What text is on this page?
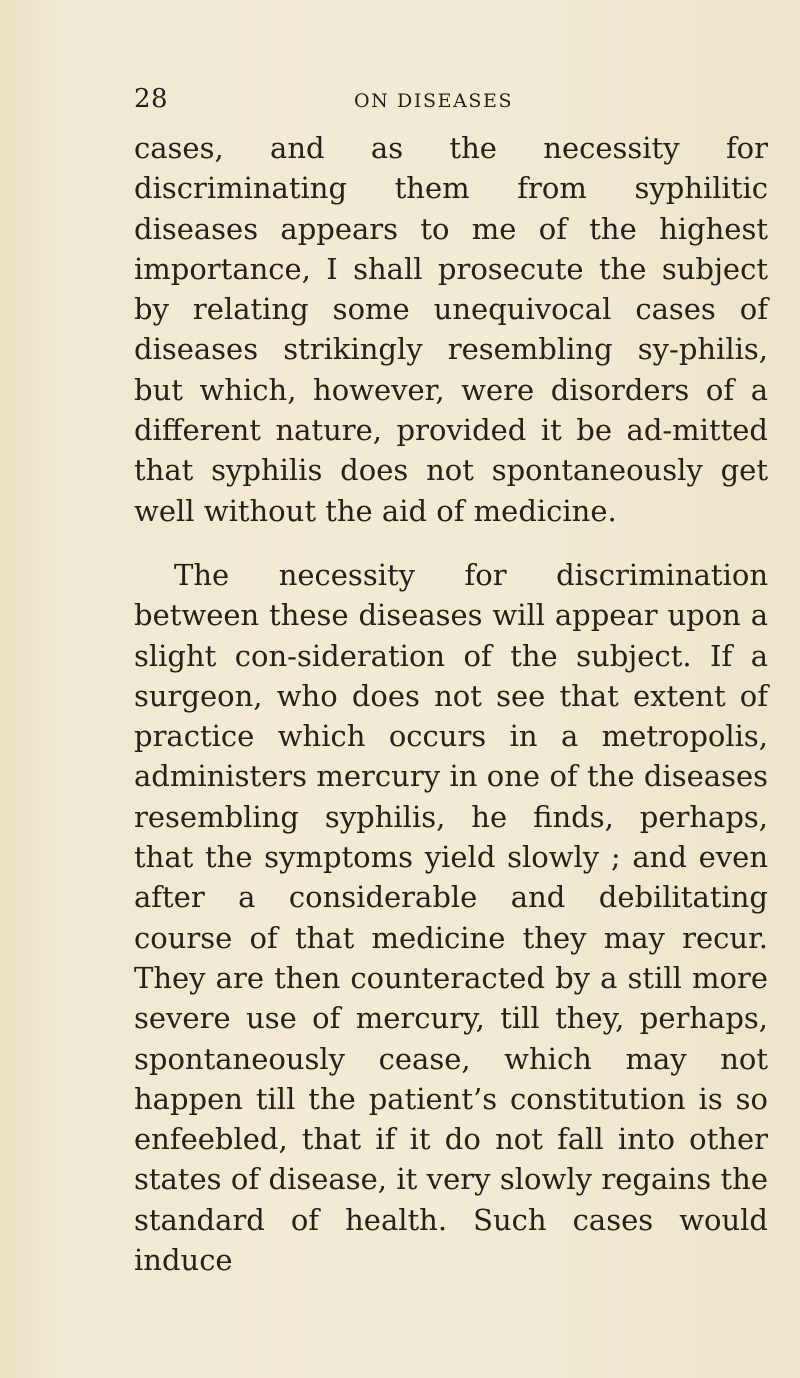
28	ON DISEASES

cases, and as the necessity for discriminating them from syphilitic diseases appears to me of the highest importance, I shall prosecute the subject by relating some unequivocal cases of diseases strikingly resembling sy-philis, but which, however, were disorders of a different nature, provided it be ad-mitted that syphilis does not spontaneously get well without the aid of medicine.

The necessity for discrimination between these diseases will appear upon a slight con-sideration of the subject. If a surgeon, who does not see that extent of practice which occurs in a metropolis, administers mercury in one of the diseases resembling syphilis, he finds, perhaps, that the symptoms yield slowly ; and even after a considerable and debilitating course of that medicine they may recur. They are then counteracted by a still more severe use of mercury, till they, perhaps, spontaneously cease, which may not happen till the patient’s constitution is so enfeebled, that if it do not fall into other states of disease, it very slowly regains the standard of health. Such cases would induce
